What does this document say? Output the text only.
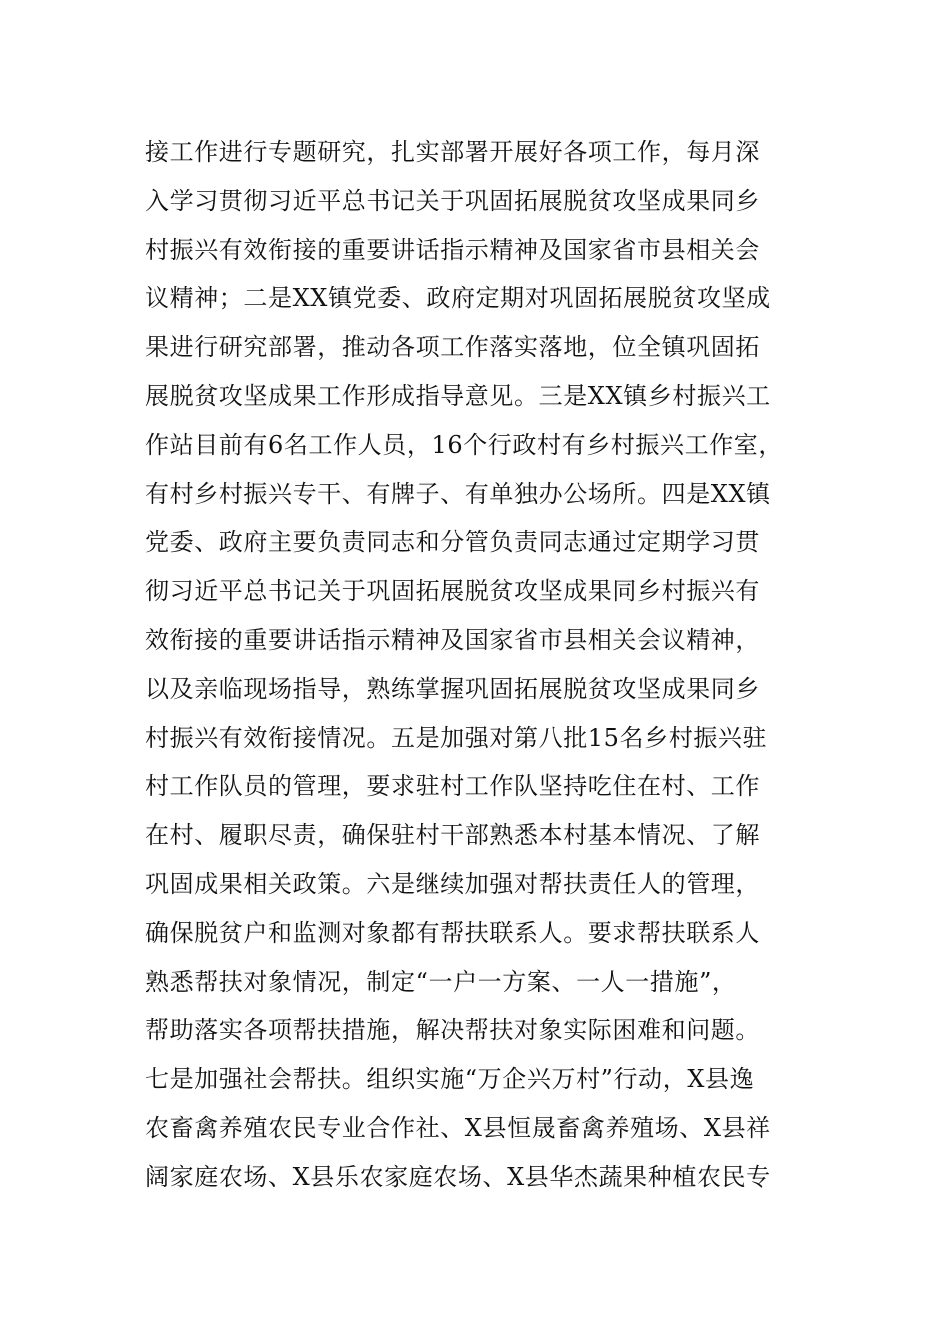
接工作进行专题研究，扎实部署开展好各项工作，每月深
入学习贯彻习近平总书记关于巩固拓展脱贫攻坚成果同乡
村振兴有效衔接的重要讲话指示精神及国家省市县相关会
议精神；二是XX镇党委、政府定期对巩固拓展脱贫攻坚成
果进行研究部署，推动各项工作落实落地，位全镇巩固拓
展脱贫攻坚成果工作形成指导意见。三是XX镇乡村振兴工
作站目前有6名工作人员，16个行政村有乡村振兴工作室，
有村乡村振兴专干、有牌子、有单独办公场所。四是XX镇
党委、政府主要负责同志和分管负责同志通过定期学习贯
彻习近平总书记关于巩固拓展脱贫攻坚成果同乡村振兴有
效衔接的重要讲话指示精神及国家省市县相关会议精神，
以及亲临现场指导，熟练掌握巩固拓展脱贫攻坚成果同乡
村振兴有效衔接情况。五是加强对第八批15名乡村振兴驻
村工作队员的管理，要求驻村工作队坚持吃住在村、工作
在村、履职尽责，确保驻村干部熟悉本村基本情况、了解
巩固成果相关政策。六是继续加强对帮扶责任人的管理，
确保脱贫户和监测对象都有帮扶联系人。要求帮扶联系人
熟悉帮扶对象情况，制定“一户一方案、一人一措施”，
帮助落实各项帮扶措施，解决帮扶对象实际困难和问题。
七是加强社会帮扶。组织实施“万企兴万村”行动，X县逸
农畜禽养殖农民专业合作社、X县恒晟畜禽养殖场、X县祥
阔家庭农场、X县乐农家庭农场、X县华杰蔬果种植农民专
